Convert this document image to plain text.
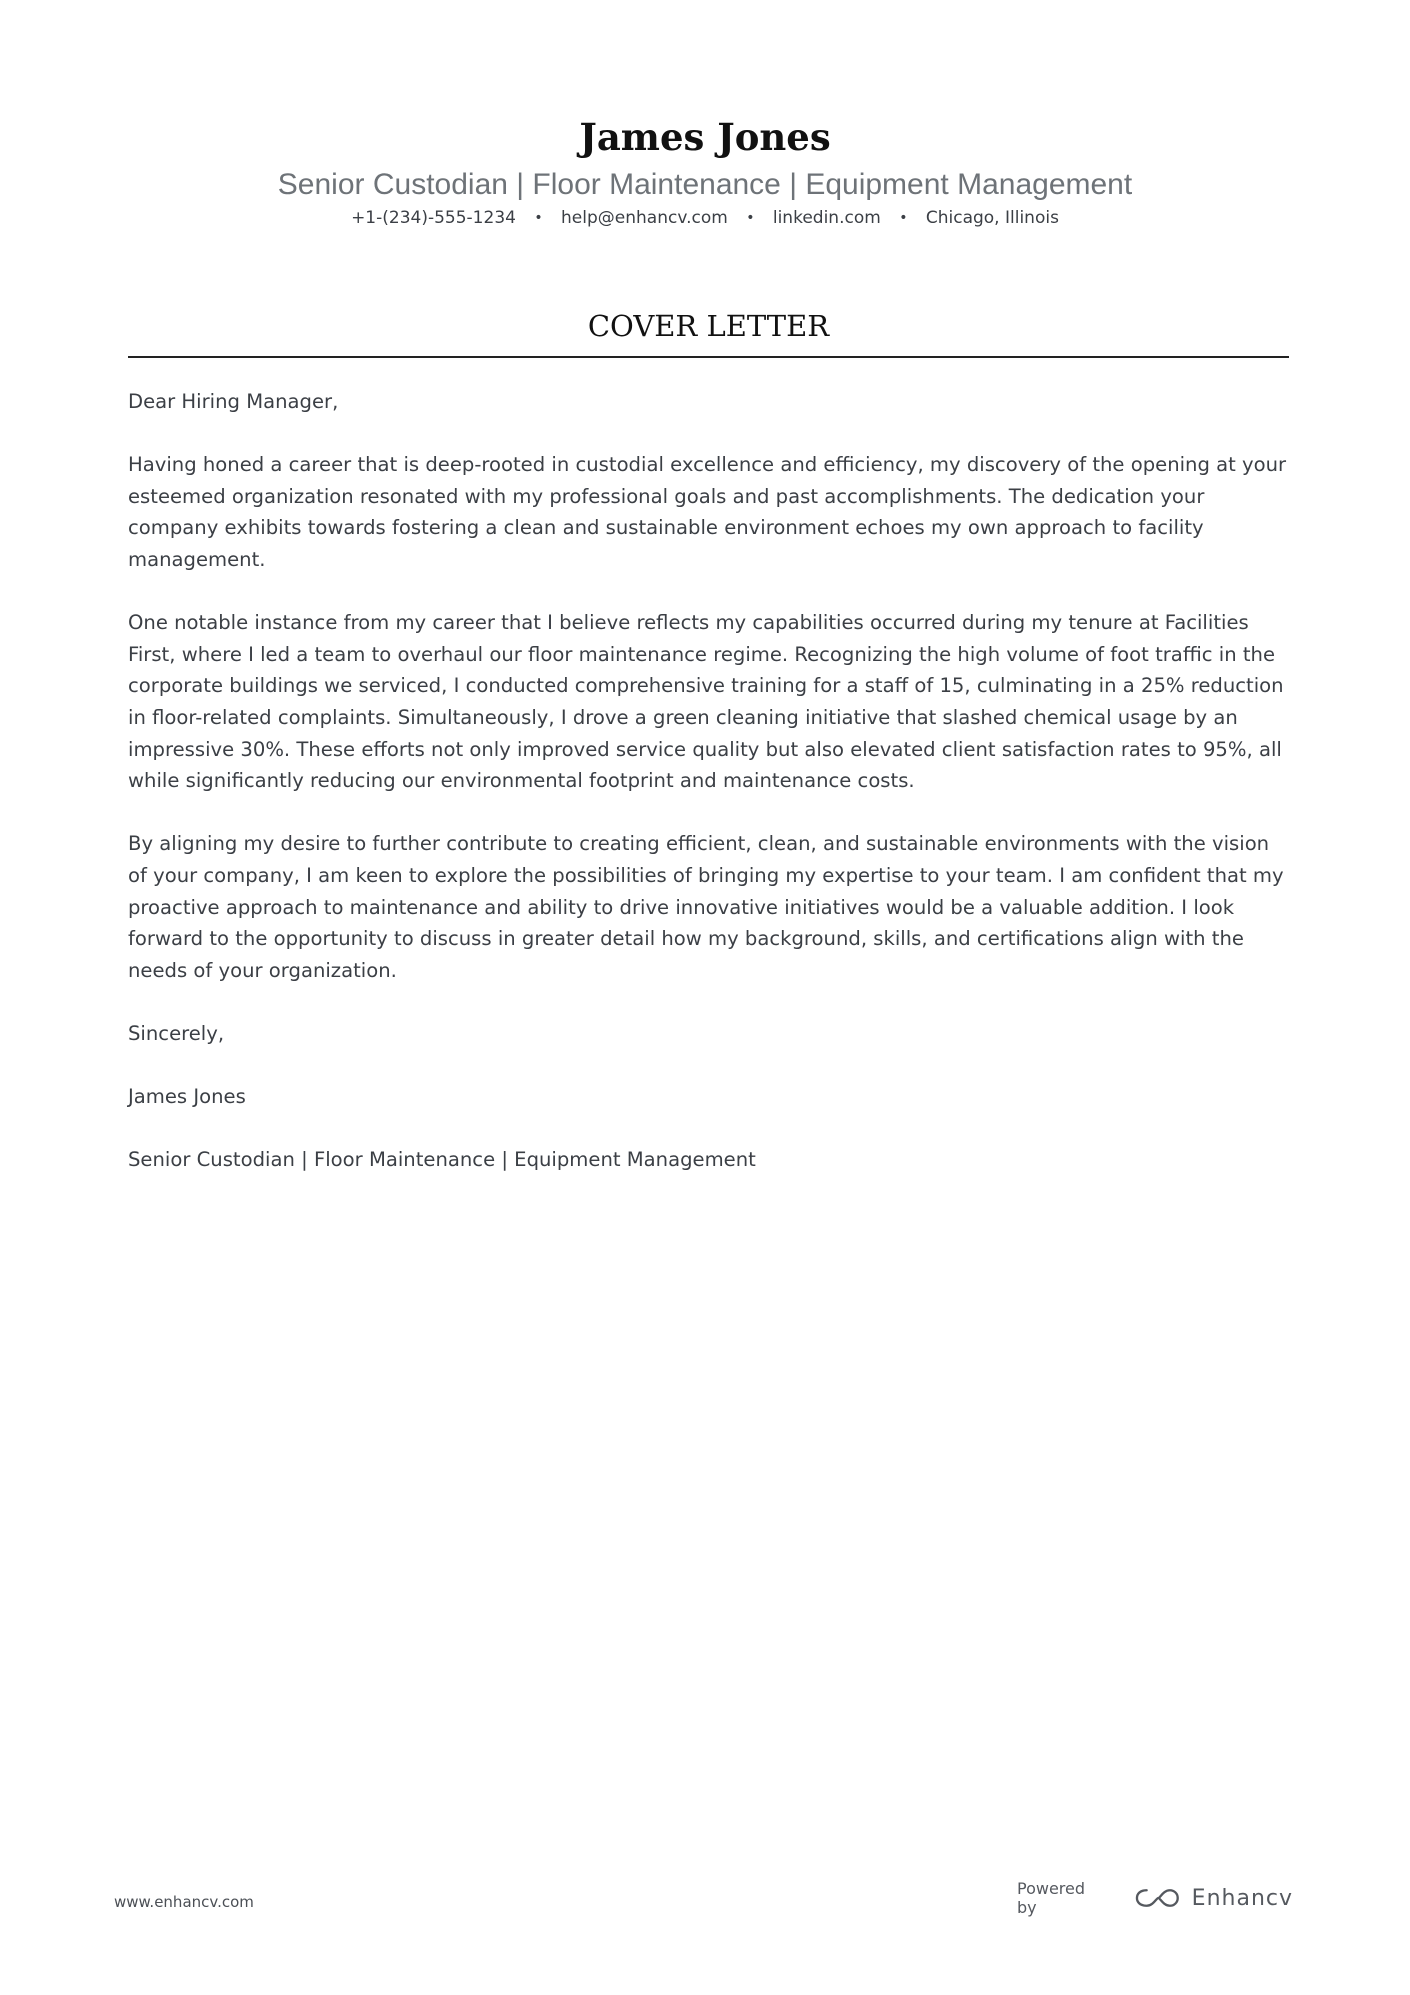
James Jones
Senior Custodian | Floor Maintenance | Equipment Management
+1-(234)-555-1234 • help@enhancv.com • linkedin.com • Chicago, Illinois
COVER LETTER

Dear Hiring Manager,

Having honed a career that is deep-rooted in custodial excellence and efficiency, my discovery of the opening at your esteemed organization resonated with my professional goals and past accomplishments. The dedication your company exhibits towards fostering a clean and sustainable environment echoes my own approach to facility management.

One notable instance from my career that I believe reflects my capabilities occurred during my tenure at Facilities First, where I led a team to overhaul our floor maintenance regime. Recognizing the high volume of foot traffic in the corporate buildings we serviced, I conducted comprehensive training for a staff of 15, culminating in a 25% reduction in floor-related complaints. Simultaneously, I drove a green cleaning initiative that slashed chemical usage by an impressive 30%. These efforts not only improved service quality but also elevated client satisfaction rates to 95%, all while significantly reducing our environmental footprint and maintenance costs.

By aligning my desire to further contribute to creating efficient, clean, and sustainable environments with the vision of your company, I am keen to explore the possibilities of bringing my expertise to your team. I am confident that my proactive approach to maintenance and ability to drive innovative initiatives would be a valuable addition. I look forward to the opportunity to discuss in greater detail how my background, skills, and certifications align with the needs of your organization.

Sincerely,

James Jones

Senior Custodian | Floor Maintenance | Equipment Management

www.enhancv.com
Powered by	Enhancv
